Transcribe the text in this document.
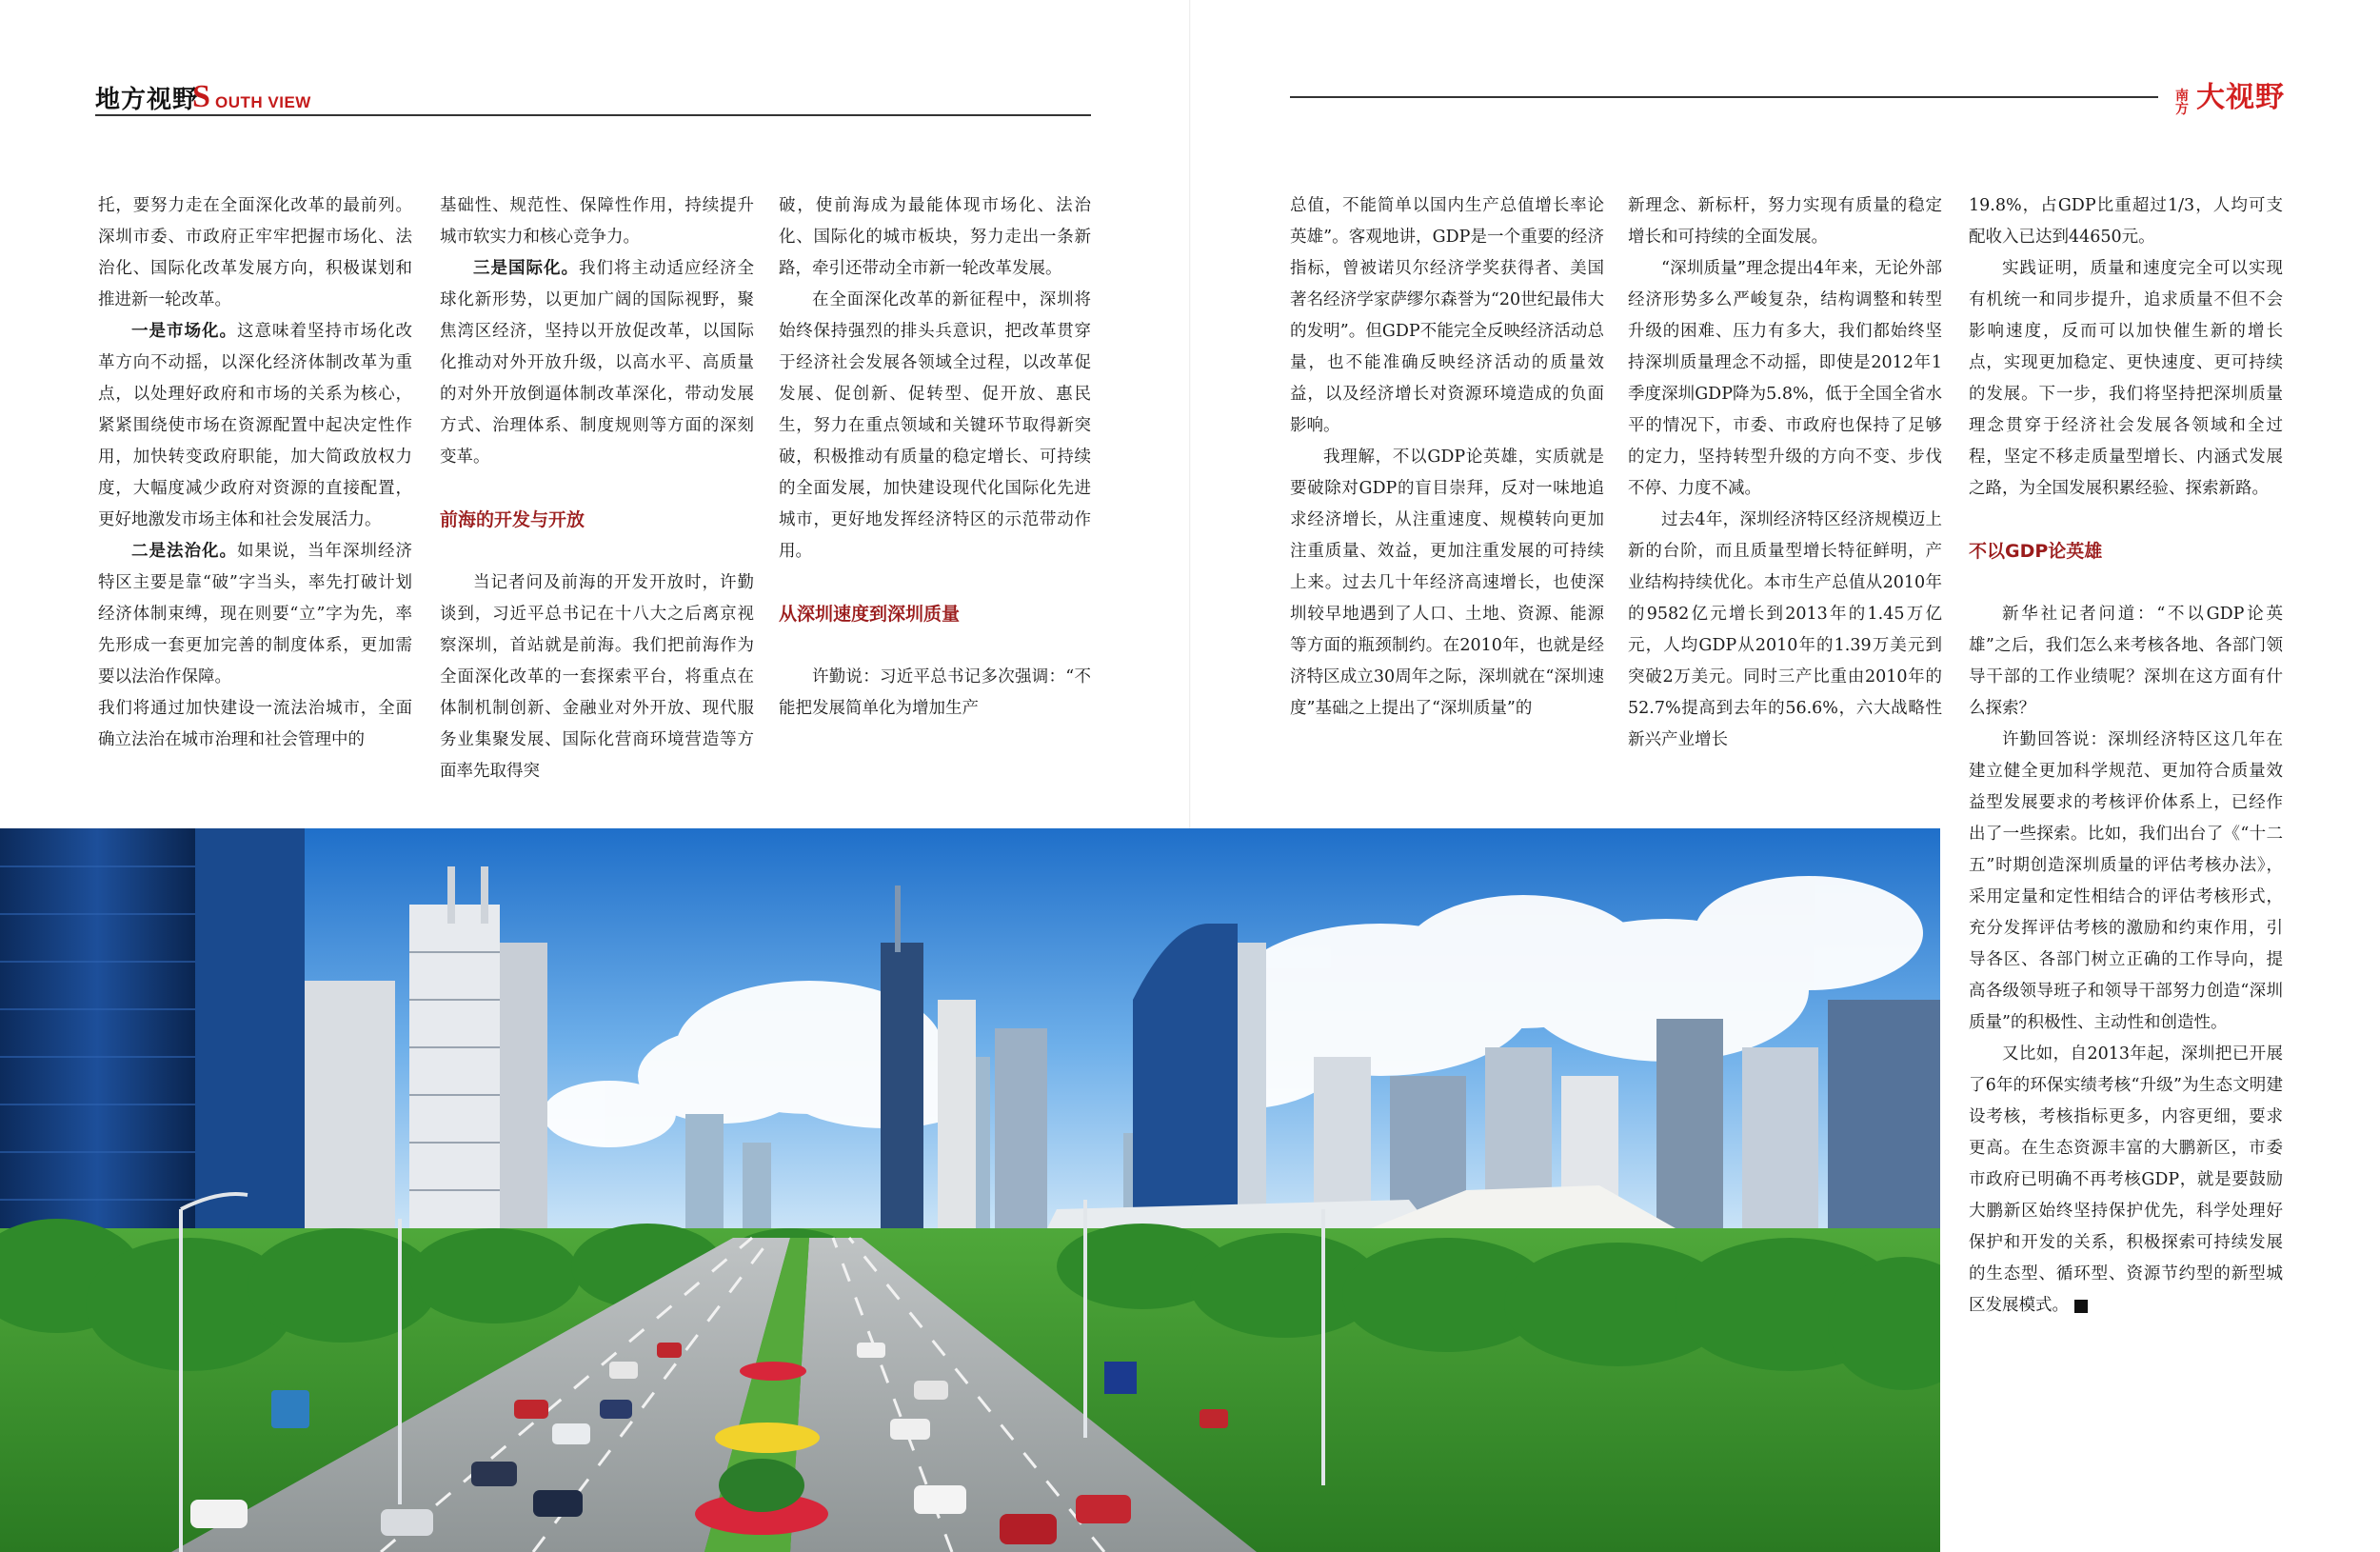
地方视野
S OUTH VIEW	南方 大视野

托，要努力走在全面深化改革的最前列。深圳市委、市政府正牢牢把握市场化、法治化、国际化改革发展方向，积极谋划和推进新一轮改革。

一是市场化。这意味着坚持市场化改革方向不动摇，以深化经济体制改革为重点，以处理好政府和市场的关系为核心，紧紧围绕使市场在资源配置中起决定性作用，加快转变政府职能，加大简政放权力度，大幅度减少政府对资源的直接配置，更好地激发市场主体和社会发展活力。

二是法治化。如果说，当年深圳经济特区主要是靠“破”字当头，率先打破计划经济体制束缚，现在则要“立”字为先，率先形成一套更加完善的制度体系，更加需要以法治作保障。

我们将通过加快建设一流法治城市，全面确立法治在城市治理和社会管理中的

基础性、规范性、保障性作用，持续提升城市软实力和核心竞争力。

三是国际化。我们将主动适应经济全球化新形势，以更加广阔的国际视野，聚焦湾区经济，坚持以开放促改革，以国际化推动对外开放升级，以高水平、高质量的对外开放倒逼体制改革深化，带动发展方式、治理体系、制度规则等方面的深刻变革。

前海的开发与开放

当记者问及前海的开发开放时，许勤谈到，习近平总书记在十八大之后离京视察深圳，首站就是前海。我们把前海作为全面深化改革的一套探索平台，将重点在体制机制创新、金融业对外开放、现代服务业集聚发展、国际化营商环境营造等方面率先取得突

破，使前海成为最能体现市场化、法治化、国际化的城市板块，努力走出一条新路，牵引还带动全市新一轮改革发展。

在全面深化改革的新征程中，深圳将始终保持强烈的排头兵意识，把改革贯穿于经济社会发展各领域全过程，以改革促发展、促创新、促转型、促开放、惠民生，努力在重点领域和关键环节取得新突破，积极推动有质量的稳定增长、可持续的全面发展，加快建设现代化国际化先进城市，更好地发挥经济特区的示范带动作用。

从深圳速度到深圳质量

许勤说：习近平总书记多次强调：“不能把发展简单化为增加生产

总值，不能简单以国内生产总值增长率论英雄”。客观地讲，GDP是一个重要的经济指标，曾被诺贝尔经济学奖获得者、美国著名经济学家萨缪尔森誉为“20世纪最伟大的发明”。但GDP不能完全反映经济活动总量，也不能准确反映经济活动的质量效益，以及经济增长对资源环境造成的负面影响。

我理解，不以GDP论英雄，实质就是要破除对GDP的盲目崇拜，反对一味地追求经济增长，从注重速度、规模转向更加注重质量、效益，更加注重发展的可持续上来。过去几十年经济高速增长，也使深圳较早地遇到了人口、土地、资源、能源等方面的瓶颈制约。在2010年，也就是经济特区成立30周年之际，深圳就在“深圳速度”基础之上提出了“深圳质量”的

新理念、新标杆，努力实现有质量的稳定增长和可持续的全面发展。

“深圳质量”理念提出4年来，无论外部经济形势多么严峻复杂，结构调整和转型升级的困难、压力有多大，我们都始终坚持深圳质量理念不动摇，即使是2012年1季度深圳GDP降为5.8%，低于全国全省水平的情况下，市委、市政府也保持了足够的定力，坚持转型升级的方向不变、步伐不停、力度不减。

过去4年，深圳经济特区经济规模迈上新的台阶，而且质量型增长特征鲜明，产业结构持续优化。本市生产总值从2010年的9582亿元增长到2013年的1.45万亿元，人均GDP从2010年的1.39万美元到突破2万美元。同时三产比重由2010年的52.7%提高到去年的56.6%，六大战略性新兴产业增长

19.8%，占GDP比重超过1/3，人均可支配收入已达到44650元。

实践证明，质量和速度完全可以实现有机统一和同步提升，追求质量不但不会影响速度，反而可以加快催生新的增长点，实现更加稳定、更快速度、更可持续的发展。下一步，我们将坚持把深圳质量理念贯穿于经济社会发展各领域和全过程，坚定不移走质量型增长、内涵式发展之路，为全国发展积累经验、探索新路。

不以GDP论英雄

新华社记者问道：“不以GDP论英雄”之后，我们怎么来考核各地、各部门领导干部的工作业绩呢？深圳在这方面有什么探索？

许勤回答说：深圳经济特区这几年在建立健全更加科学规范、更加符合质量效益型发展要求的考核评价体系上，已经作出了一些探索。比如，我们出台了《“十二五”时期创造深圳质量的评估考核办法》，采用定量和定性相结合的评估考核形式，充分发挥评估考核的激励和约束作用，引导各区、各部门树立正确的工作导向，提高各级领导班子和领导干部努力创造“深圳质量”的积极性、主动性和创造性。

又比如，自2013年起，深圳把已开展了6年的环保实绩考核“升级”为生态文明建设考核，考核指标更多，内容更细，要求更高。在生态资源丰富的大鹏新区，市委市政府已明确不再考核GDP，就是要鼓励大鹏新区始终坚持保护优先，科学处理好保护和开发的关系，积极探索可持续发展的生态型、循环型、资源节约型的新型城区发展模式。	V
